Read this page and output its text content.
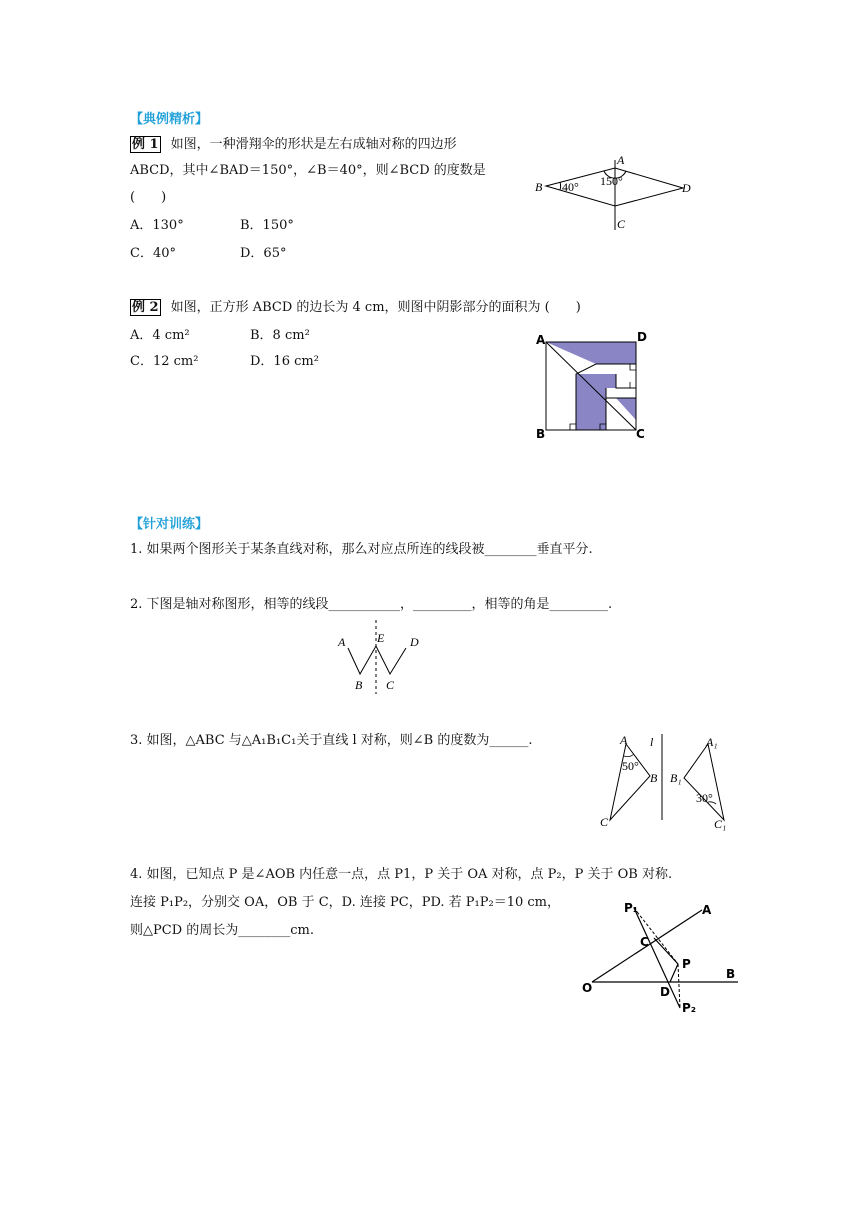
【典例精析】
例 1 如图，一种滑翔伞的形状是左右成轴对称的四边形
ABCD，其中∠BAD＝150°，∠B＝40°，则∠BCD 的度数是
(　　)
A．130°	B．150°
C．40°	D．65°
A
B
C
D
40° 150°
例 2 如图，正方形 ABCD 的边长为 4 cm，则图中阴影部分的面积为 (　　)
A．4 cm²	B．8 cm²
C．12 cm²	D．16 cm²
A	D
B	C
【针对训练】
1. 如果两个图形关于某条直线对称，那么对应点所连的线段被________垂直平分.
2. 下图是轴对称图形，相等的线段___________，_________，相等的角是_________.
A	E D
B C
3. 如图，△ABC 与△A₁B₁C₁关于直线 l 对称，则∠B 的度数为______.	A l	A₁
B B₁
C	C₁
50°
30°
4. 如图，已知点 P 是∠AOB 内任意一点，点 P1，P 关于 OA 对称，点 P₂，P 关于 OB 对称.
连接 P₁P₂，分别交 OA，OB 于 C，D. 连接 PC，PD. 若 P₁P₂＝10 cm，
则△PCD 的周长为________cm.
P₁	A
C
P
B
O	D
P₂
